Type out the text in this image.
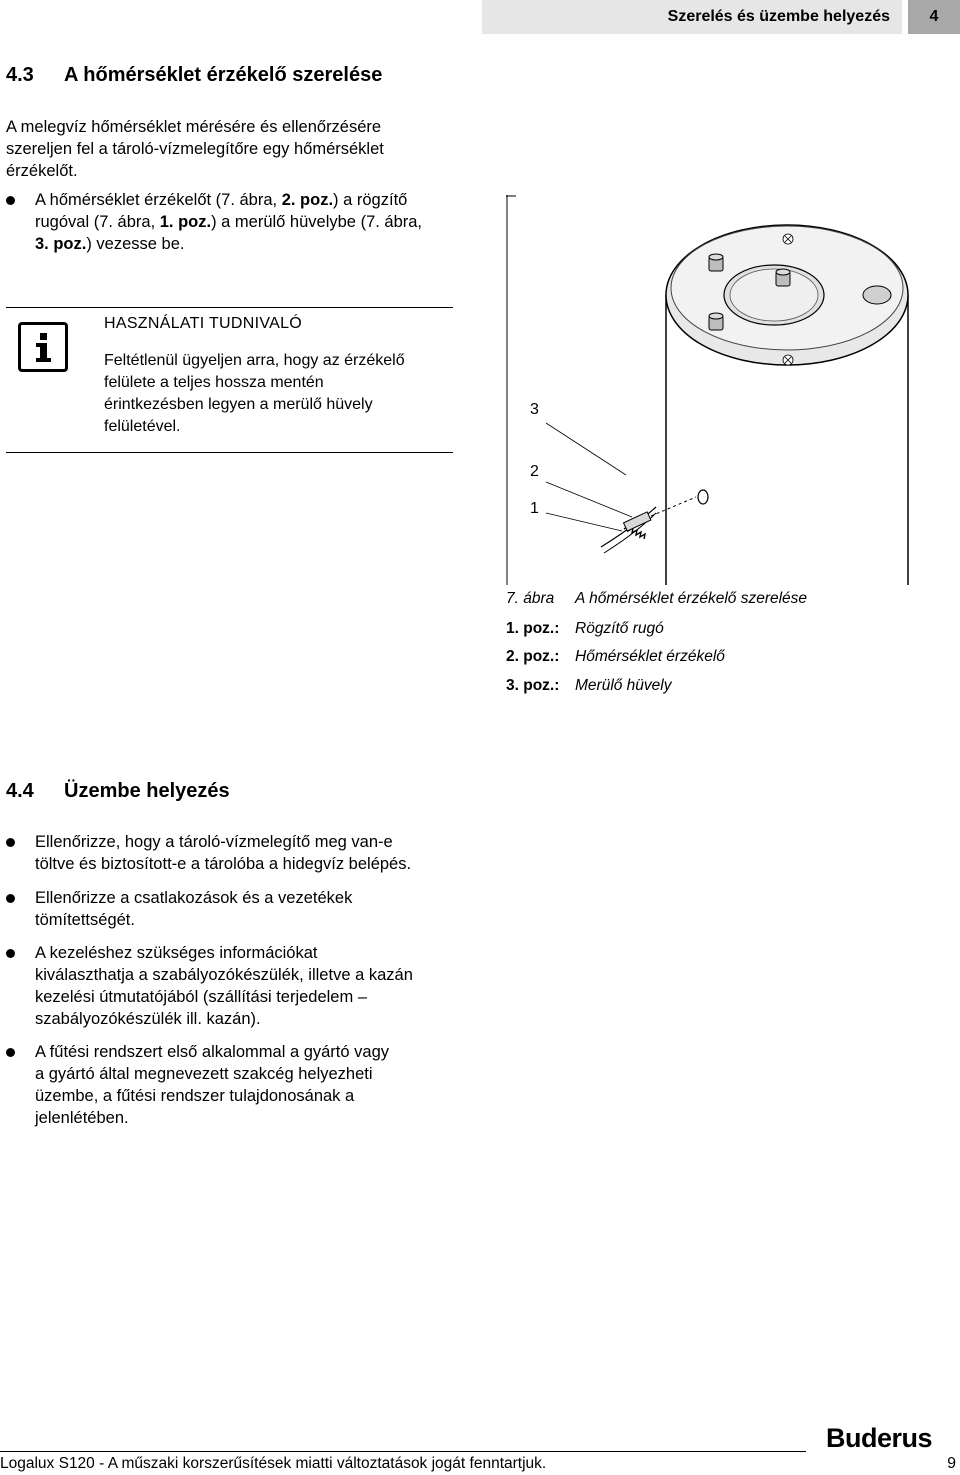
Szerelés és üzembe helyezés	4
4.3 A hőmérséklet érzékelő szerelése

A melegvíz hőmérséklet mérésére és ellenőrzésére

szereljen fel a tároló-vízmelegítőre egy hőmérséklet

érzékelőt.

A hőmérséklet érzékelőt (7. ábra, 2. poz.) a rögzítő
rugóval (7. ábra, 1. poz.) a merülő hüvelybe (7. ábra,
3. poz.) vezesse be.
HASZNÁLATI TUDNIVALÓ
Feltétlenül ügyeljen arra, hogy az érzékelő
felülete a teljes hossza mentén
érintkezésben legyen a merülő hüvely
felületével.
3
2
1
7. ábra A hőmérséklet érzékelő szerelése
1. poz.: Rögzítő rugó
2. poz.: Hőmérséklet érzékelő
3. poz.: Merülő hüvely
4.4 Üzembe helyezés
Ellenőrizze, hogy a tároló-vízmelegítő meg van-e
töltve és biztosított-e a tárolóba a hidegvíz belépés.
Ellenőrizze a csatlakozások és a vezetékek
tömítettségét.
A kezeléshez szükséges információkat
kiválaszthatja a szabályozókészülék, illetve a kazán
kezelési útmutatójából (szállítási terjedelem –
szabályozókészülék ill. kazán).
A fűtési rendszert első alkalommal a gyártó vagy
a gyártó által megnevezett szakcég helyezheti
üzembe, a fűtési rendszer tulajdonosának a
jelenlétében.
Buderus
Logalux S120 - A műszaki korszerűsítések miatti változtatások jogát fenntartjuk.	9
